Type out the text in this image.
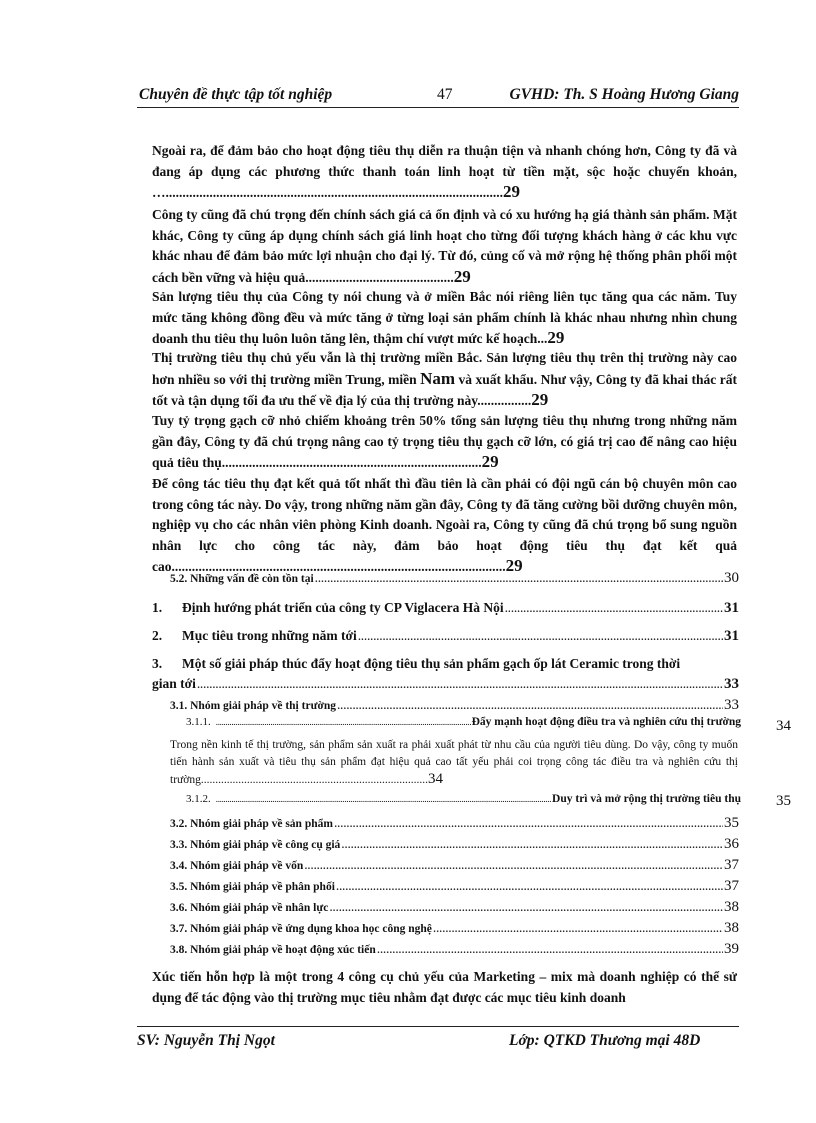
Chuyên đề thực tập tốt nghiệp	47	GVHD: Th. S Hoàng Hương Giang
Ngoài ra, để đảm bảo cho hoạt động tiêu thụ diễn ra thuận tiện và nhanh chóng hơn, Công ty đã và đang áp dụng các phương thức thanh toán linh hoạt từ tiền mặt, sộc hoặc chuyển khoản, …....................................................................................................29
Công ty cũng đã chú trọng đến chính sách giá cả ổn định và có xu hướng hạ giá thành sản phẩm. Mặt khác, Công ty cũng áp dụng chính sách giá linh hoạt cho từng đối tượng khách hàng ở các khu vực khác nhau để đảm bảo mức lợi nhuận cho đại lý. Từ đó, củng cố và mở rộng hệ thống phân phối một cách bền vững và hiệu quả............................................29
Sản lượng tiêu thụ của Công ty nói chung và ở miền Bắc nói riêng liên tục tăng qua các năm. Tuy mức tăng không đồng đều và mức tăng ở từng loại sản phẩm chính là khác nhau nhưng nhìn chung doanh thu tiêu thụ luôn luôn tăng lên, thậm chí vượt mức kế hoạch...29
Thị trường tiêu thụ chủ yếu vẫn là thị trường miền Bắc. Sản lượng tiêu thụ trên thị trường này cao hơn nhiều so với thị trường miền Trung, miền Nam và xuất khẩu. Như vậy, Công ty đã khai thác rất tốt và tận dụng tối đa ưu thế về địa lý của thị trường này................29
Tuy tỷ trọng gạch cỡ nhỏ chiếm khoảng trên 50% tổng sản lượng tiêu thụ nhưng trong những năm gần đây, Công ty đã chú trọng nâng cao tỷ trọng tiêu thụ gạch cỡ lớn, có giá trị cao để nâng cao hiệu quả tiêu thụ.............................................................................29
Để công tác tiêu thụ đạt kết quả tốt nhất thì đầu tiên là cần phải có đội ngũ cán bộ chuyên môn cao trong công tác này. Do vậy, trong những năm gần đây, Công ty đã tăng cường bồi dưỡng chuyên môn, nghiệp vụ cho các nhân viên phòng Kinh doanh. Ngoài ra, Công ty cũng đã chú trọng bổ sung nguồn nhân lực cho công tác này, đảm bảo hoạt động tiêu thụ đạt kết quả cao...................................................................................................29
5.2. Những vấn đề còn tồn tại .....	30
1. Định hướng phát triển của công ty CP Viglacera Hà Nội .....	31
2. Mục tiêu trong những năm tới .....	31
3. Một số giải pháp thúc đẩy hoạt động tiêu thụ sản phẩm gạch ốp lát Ceramic trong thời
gian tới .....	33
3.1. Nhóm giải pháp về thị trường .....	33
3.1.1. .....	Đẩy mạnh hoạt động điều tra và nghiên cứu thị trường 34
Trong nền kinh tế thị trường, sản phẩm sản xuất ra phải xuất phát từ nhu cầu của người tiêu dùng. Do vậy, công ty muốn tiến hành sản xuất và tiêu thụ sản phẩm đạt hiệu quả cao tất yếu phải coi trọng công tác điều tra và nghiên cứu thị trường...............................................................................34
3.1.2. .....	Duy trì và mở rộng thị trường tiêu thụ 35
3.2. Nhóm giải pháp về sản phẩm .....	35
3.3. Nhóm giải pháp về công cụ giá .....	36
3.4. Nhóm giải pháp về vốn .....	37
3.5. Nhóm giải pháp về phân phối .....	37
3.6. Nhóm giải pháp về nhân lực .....	38
3.7. Nhóm giải pháp về ứng dụng khoa học công nghệ .....	38
3.8. Nhóm giải pháp về hoạt động xúc tiến .....	39
Xúc tiến hỗn hợp là một trong 4 công cụ chủ yếu của Marketing – mix mà doanh nghiệp có thể sử dụng để tác động vào thị trường mục tiêu nhằm đạt được các mục tiêu kinh doanh
SV: Nguyễn Thị Ngọt	Lớp: QTKD Thương mại 48D
